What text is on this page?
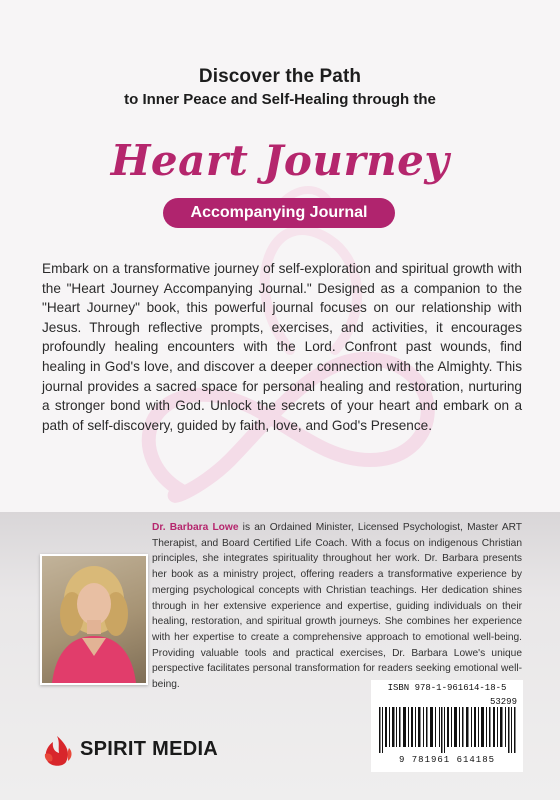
Discover the Path
to Inner Peace and Self-Healing through the
Heart Journey
Accompanying Journal

Embark on a transformative journey of self-exploration and spiritual growth with the "Heart Journey Accompanying Journal." Designed as a companion to the "Heart Journey" book, this powerful journal focuses on our relationship with Jesus. Through reflective prompts, exercises, and activities, it encourages profoundly healing encounters with the Lord. Confront past wounds, find healing in God's love, and discover a deeper connection with the Almighty. This journal provides a sacred space for personal healing and restoration, nurturing a stronger bond with God. Unlock the secrets of your heart and embark on a path of self-discovery, guided by faith, love, and God's Presence.

Dr. Barbara Lowe is an Ordained Minister, Licensed Psychologist, Master ART Therapist, and Board Certified Life Coach. With a focus on indigenous Christian principles, she integrates spirituality throughout her work. Dr. Barbara presents her book as a ministry project, offering readers a transformative experience by merging psychological concepts with Christian teachings. Her dedication shines through in her extensive experience and expertise, guiding individuals on their healing, restoration, and spiritual growth journeys. She combines her experience with her expertise to create a comprehensive approach to emotional well-being. Providing valuable tools and practical exercises, Dr. Barbara Lowe's unique perspective facilitates personal transformation for readers seeking emotional well-being.	ISBN 978-1-961614-18-5
53299
9 781961 614185
SPIRIT MEDIA
